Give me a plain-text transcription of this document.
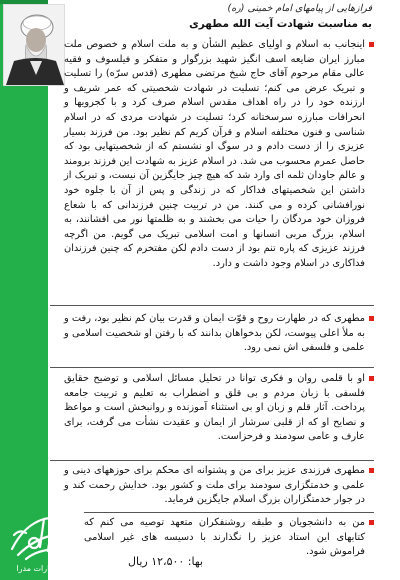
فرازهایی از پیامهای امام خمینی (ره)
به مناسبت شهادت آیت الله مطهری
اینجانب به اسلام و اولیای عظیم الشأن و به ملت اسلام و خصوص ملت مبارز ایران ضایعه اسف انگیز شهید بزرگوار و متفکر و فیلسوف و فقیه عالی مقام مرحوم آقای حاج شیخ مرتضی مطهری (قدس سرّه) را تسلیت و تبریک عرض می کنم؛ تسلیت در شهادت شخصیتی که عمر شریف و ارزنده خود را در راه اهداف مقدس اسلام صرف کرد و با کجرویها و انحرافات مبارزه سرسختانه کرد؛ تسلیت در شهادت مردی که در اسلام شناسی و فنون مختلفه اسلام و قرآن کریم کم نظیر بود. من فرزند بسیار عزیزی را از دست دادم و در سوگ او نشستم که از شخصیتهایی بود که حاصل عمرم محسوب می شد. در اسلام عزیز به شهادت این فرزند برومند و عالم جاودان ثلمه ای وارد شد که هیچ چیز جایگزین آن نیست، و تبریک از داشتن این شخصیتهای فداکار که در زندگی و پس از آن با جلوه خود نورافشانی کرده و می کنند. من در تربیت چنین فرزندانی که با شعاع فروزان خود مردگان را حیات می بخشند و به ظلمتها نور می افشانند، به اسلام، بزرگ مربی انسانها و امت اسلامی تبریک می گویم. من اگرچه فرزند عزیزی که پاره تنم بود از دست دادم لکن مفتخرم که چنین فرزندان فداکاری در اسلام وجود داشت و دارد.
مطهری که در طهارت روح و قوّت ایمان و قدرت بیان کم نظیر بود، رفت و به ملأ اعلی پیوست، لکن بدخواهان بدانند که با رفتن او شخصیت اسلامی و علمی و فلسفی اش نمی رود.
او با قلمی روان و فکری توانا در تحلیل مسائل اسلامی و توضیح حقایق فلسفی با زبان مردم و بی قلق و اضطراب به تعلیم و تربیت جامعه پرداخت. آثار قلم و زبان او بی استثناء آموزنده و روانبخش است و مواعظ و نصایح او که از قلبی سرشار از ایمان و عقیدت نشأت می گرفت، برای عارف و عامی سودمند و فرحزاست.
مطهری فرزندی عزیز برای من و پشتوانه ای محکم برای حوزههای دینی و علمی و خدمتگزاری سودمند برای ملت و کشور بود. خدایش رحمت کند و در جوار خدمتگزاران بزرگ اسلام جایگزین فرماید.
من به دانشجویان و طبقه روشنفکران متعهد توصیه می کنم که کتابهای این استاد عزیز را نگذارند با دسیسه های غیر اسلامی فراموش شود.
انتشارات مدرا
بها: ۱۲،۵۰۰ ریال
